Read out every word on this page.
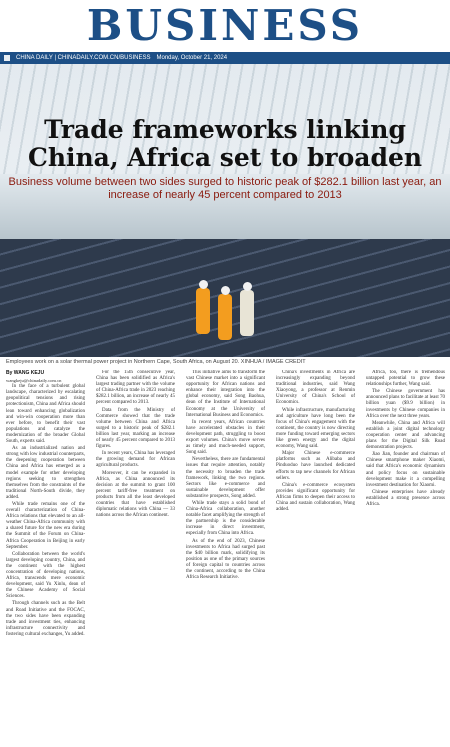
BUSINESS
CHINA DAILY | CHINADAILY.COM.CN/BUSINESS Monday, October 21, 2024
Trade frameworks linking China, Africa set to broaden

Business volume between two sides surged to historic peak of $282.1 billion last year, an increase of nearly 45 percent compared to 2013

Employees work on a solar thermal power project in Northern Cape, South Africa, on August 20. XINHUA / IMAGE CREDIT
By WANG KEJU
wangkeju@chinadaily.com.cn

In the face of a turbulent global landscape, characterized by escalating geopolitical tensions and rising protectionism, China and Africa should lean toward enhancing globalization and win-win cooperation more than ever before, to benefit their vast populations and catalyze the modernization of the broader Global South, experts said.

As an industrialized nation and strong with low industrial counterparts, the deepening cooperation between China and Africa has emerged as a model example for other developing regions seeking to strengthen themselves from the constraints of the traditional North-South divide, they added.

While trade remains one of the overall characterization of China-Africa relations that elevated to an all-weather China-Africa community with a shared future for the new era during the Summit of the Forum on China-Africa Cooperation in Beijing in early September.

Collaboration between the world's largest developing country, China, and the continent with the highest concentration of developing nations, Africa, transcends mere economic development, said Yu Xinlu, dean of the Chinese Academy of Social Sciences.

Through channels such as the Belt and Road Initiative and the FOCAC, the two sides have been expanding trade and investment ties, enhancing infrastructure connectivity and fostering cultural exchanges, Yu added.

For the 15th consecutive year, China has been solidified as Africa's largest trading partner with the volume of China-Africa trade in 2023 reaching $282.1 billion, an increase of nearly 45 percent compared to 2013.

Data from the Ministry of Commerce showed that the trade volume between China and Africa surged to a historic peak of $282.1 billion last year, marking an increase of nearly 45 percent compared to 2013 figures.

In recent years, China has leveraged the growing demand for African agricultural products.

Moreover, it can be expanded in Africa, as China announced its decision at the summit to grant 100 percent tariff-free treatment on products from all the least developed countries that have established diplomatic relations with China — 33 nations across the African continent.

This initiative aims to transform the vast Chinese market into a significant opportunity for African nations and enhance their integration into the global economy, said Song Baohua, dean of the Institute of International Economy at the University of International Business and Economics.

In recent years, African countries have accelerated obstacles in their development path, struggling to boost export volumes. China's move serves as timely and much-needed support, Song said.

Nevertheless, there are fundamental issues that require attention, notably the necessity to broaden the trade framework, linking the two regions. Sectors like e-commerce and sustainable development offer substantive prospects, Song added.

While trade stays a solid bond of China-Africa collaboration, another notable facet amplifying the strength of the partnership is the considerable increase in direct investment, especially from China into Africa.

As of the end of 2023, Chinese investments to Africa had surged past the $40 billion mark, solidifying its position as one of the primary sources of foreign capital to countries across the continent, according to the China Africa Research Initiative.

China's investments in Africa are increasingly expanding beyond traditional industries, said Wang Xiaoyong, a professor at Renmin University of China's School of Economics.

While infrastructure, manufacturing and agriculture have long been the focus of China's engagement with the continent, the country is now directing more funding toward emerging sectors like green energy and the digital economy, Wang said.

Major Chinese e-commerce platforms such as Alibaba and Pinduoduo have launched dedicated efforts to tap new channels for African sellers.

China's e-commerce ecosystem provides significant opportunity for African firms to deepen their access to China and sustain collaboration, Wang added.

Africa, too, there is tremendous untapped potential to grow these relationships further, Wang said.

The Chinese government has announced plans to facilitate at least 70 billion yuan ($9.9 billion) in investments by Chinese companies in Africa over the next three years.

Meanwhile, China and Africa will establish a joint digital technology cooperation center and advancing plans for the Digital Silk Road demonstration projects.

Jiao Jian, founder and chairman of Chinese smartphone maker Xiaomi, said that Africa's economic dynamism and policy focus on sustainable development make it a compelling investment destination for Xiaomi.

Chinese enterprises have already established a strong presence across Africa.
